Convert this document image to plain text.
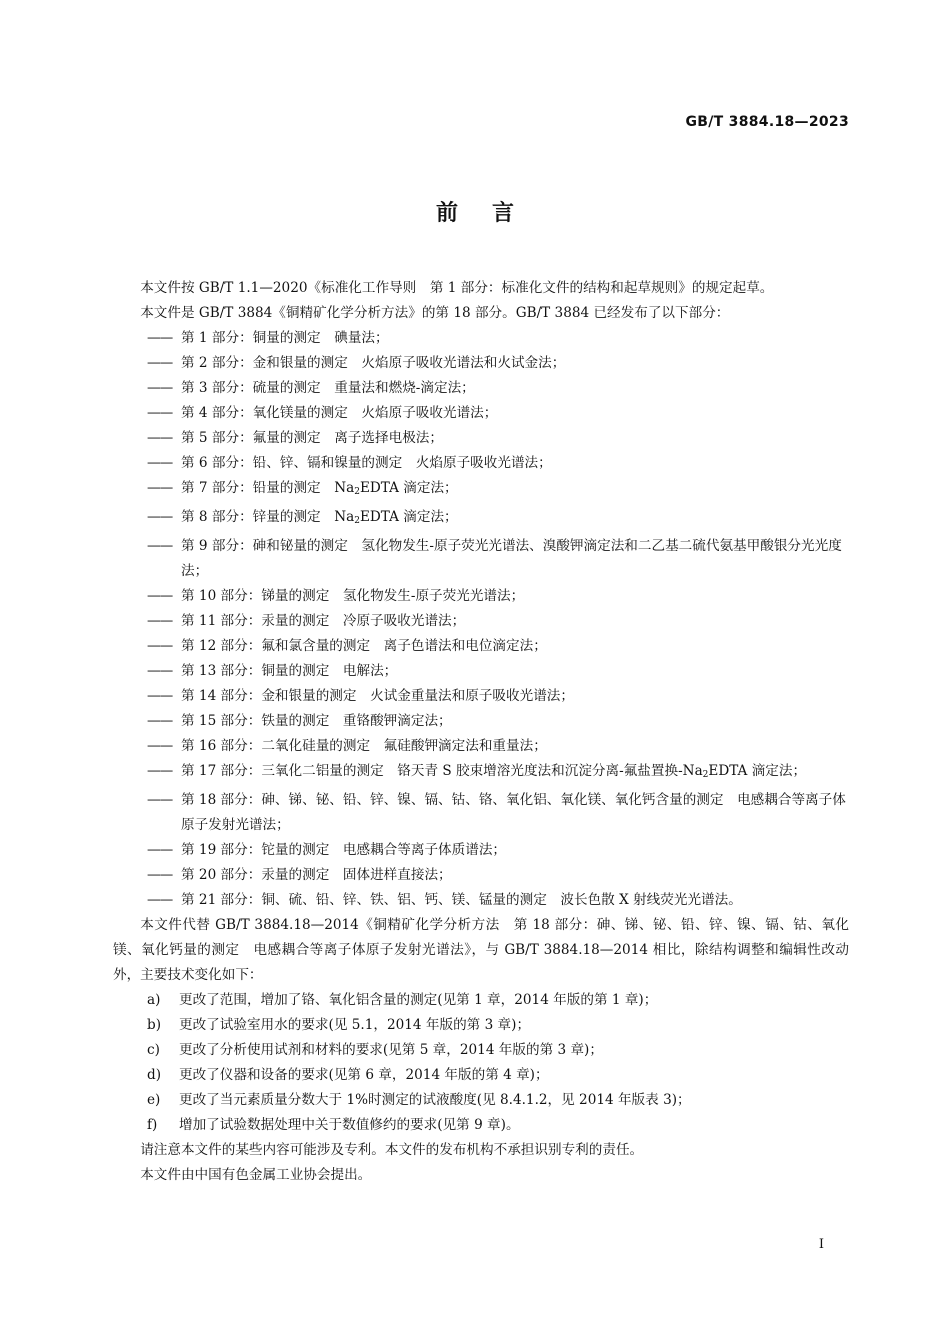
GB/T 3884.18—2023
前言

本文件按 GB/T 1.1—2020《标准化工作导则　第 1 部分：标准化文件的结构和起草规则》的规定起草。

本文件是 GB/T 3884《铜精矿化学分析方法》的第 18 部分。GB/T 3884 已经发布了以下部分：

—— 第 1 部分：铜量的测定　碘量法；

—— 第 2 部分：金和银量的测定　火焰原子吸收光谱法和火试金法；

—— 第 3 部分：硫量的测定　重量法和燃烧-滴定法；

—— 第 4 部分：氧化镁量的测定　火焰原子吸收光谱法；

—— 第 5 部分：氟量的测定　离子选择电极法；

—— 第 6 部分：铅、锌、镉和镍量的测定　火焰原子吸收光谱法；

—— 第 7 部分：铅量的测定　$Na_2EDTA$ 滴定法；

—— 第 8 部分：锌量的测定　$Na_2EDTA$ 滴定法；

—— 第 9 部分：砷和铋量的测定　氢化物发生-原子荧光光谱法、溴酸钾滴定法和二乙基二硫代氨基甲酸银分光光度法；

—— 第 10 部分：锑量的测定　氢化物发生-原子荧光光谱法；

—— 第 11 部分：汞量的测定　冷原子吸收光谱法；

—— 第 12 部分：氟和氯含量的测定　离子色谱法和电位滴定法；

—— 第 13 部分：铜量的测定　电解法；

—— 第 14 部分：金和银量的测定　火试金重量法和原子吸收光谱法；

—— 第 15 部分：铁量的测定　重铬酸钾滴定法；

—— 第 16 部分：二氧化硅量的测定　氟硅酸钾滴定法和重量法；

—— 第 17 部分：三氧化二铝量的测定　铬天青 S 胶束增溶光度法和沉淀分离-氟盐置换$-Na_2EDTA$ 滴定法；

—— 第 18 部分：砷、锑、铋、铅、锌、镍、镉、钴、铬、氧化铝、氧化镁、氧化钙含量的测定　电感耦合等离子体原子发射光谱法；

—— 第 19 部分：铊量的测定　电感耦合等离子体质谱法；

—— 第 20 部分：汞量的测定　固体进样直接法；

—— 第 21 部分：铜、硫、铅、锌、铁、铝、钙、镁、锰量的测定　波长色散 X 射线荧光光谱法。

本文件代替 GB/T 3884.18—2014《铜精矿化学分析方法　第 18 部分：砷、锑、铋、铅、锌、镍、镉、钴、氧化镁、氧化钙量的测定　电感耦合等离子体原子发射光谱法》，与 GB/T 3884.18—2014 相比，除结构调整和编辑性改动外，主要技术变化如下：

a) 更改了范围，增加了铬、氧化铝含量的测定(见第 1 章，2014 年版的第 1 章)；

b) 更改了试验室用水的要求(见 5.1，2014 年版的第 3 章)；

c) 更改了分析使用试剂和材料的要求(见第 5 章，2014 年版的第 3 章)；

d) 更改了仪器和设备的要求(见第 6 章，2014 年版的第 4 章)；

e) 更改了当元素质量分数大于 1%时测定的试液酸度(见 8.4.1.2，见 2014 年版表 3)；

f) 增加了试验数据处理中关于数值修约的要求(见第 9 章)。

请注意本文件的某些内容可能涉及专利。本文件的发布机构不承担识别专利的责任。

本文件由中国有色金属工业协会提出。

I
